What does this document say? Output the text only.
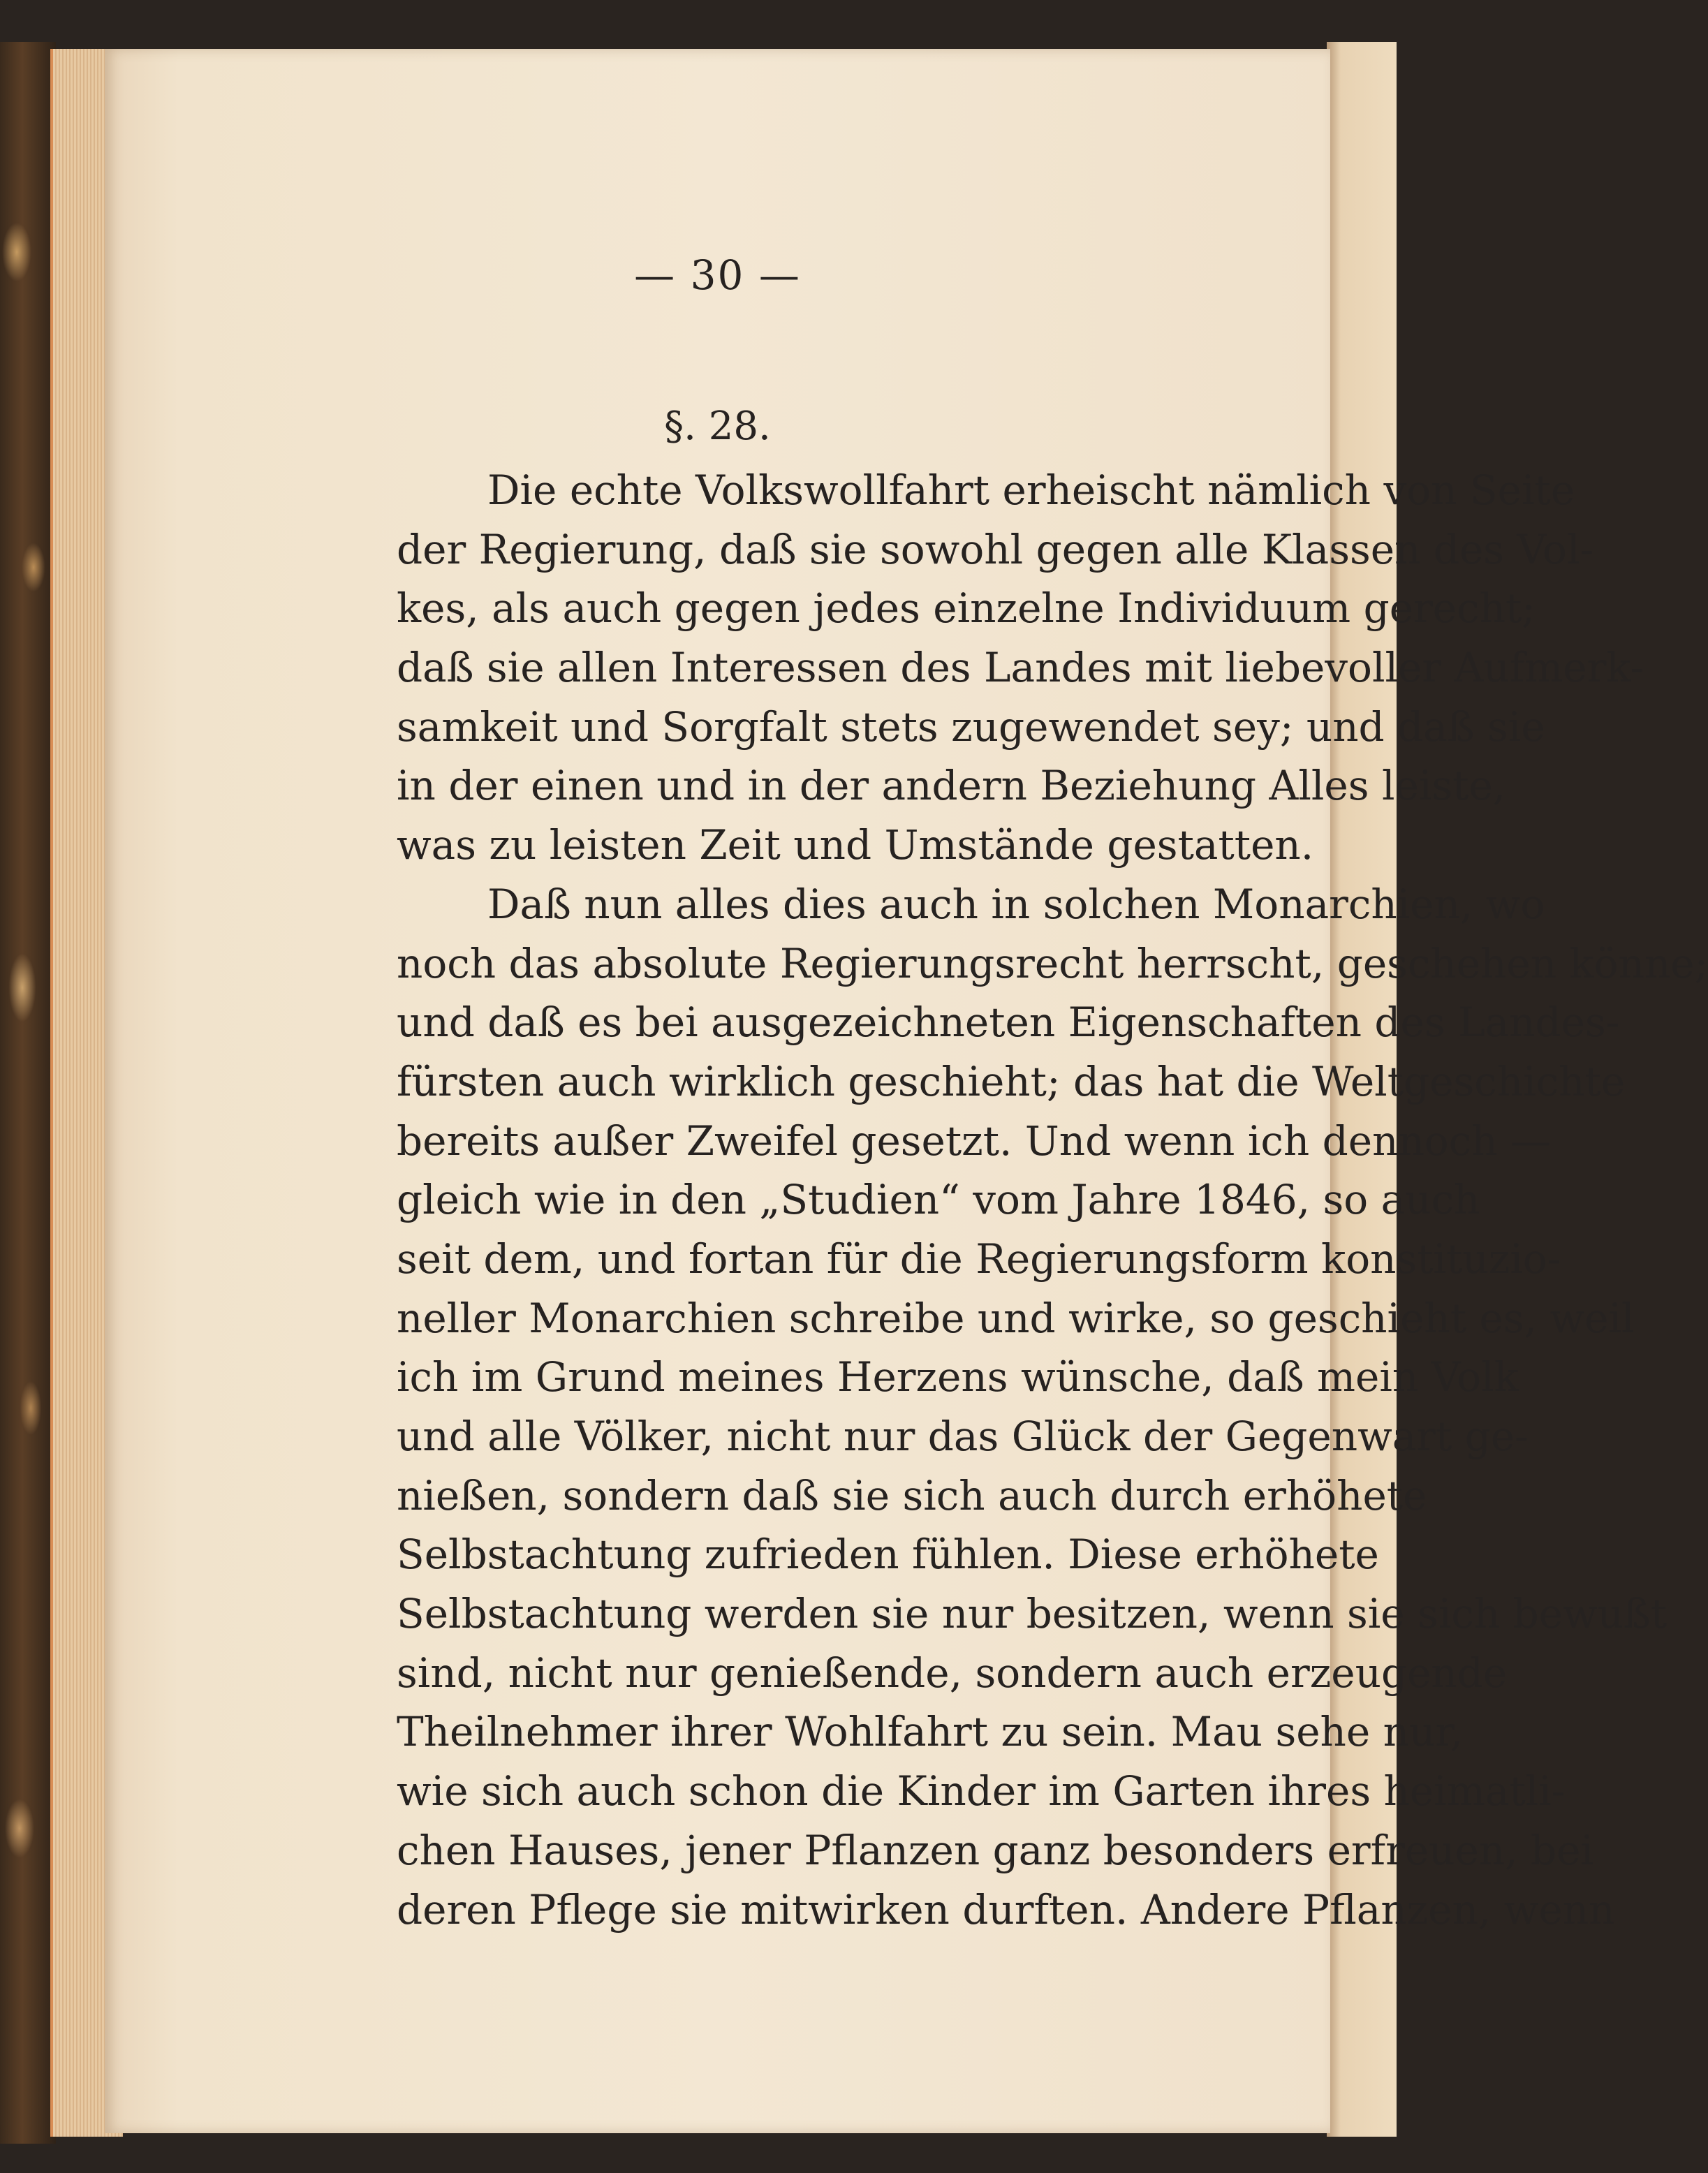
— 30 —
§. 28.
Die echte Volkswollfahrt erheischt nämlich von Seite
der Regierung, daß sie sowohl gegen alle Klassen des Vol-
kes, als auch gegen jedes einzelne Individuum gerecht;
daß sie allen Interessen des Landes mit liebevoller Aufmerk-
samkeit und Sorgfalt stets zugewendet sey; und daß sie
in der einen und in der andern Beziehung Alles leiste,
was zu leisten Zeit und Umstände gestatten.
Daß nun alles dies auch in solchen Monarchien, wo
noch das absolute Regierungsrecht herrscht, geschehen könne;
und daß es bei ausgezeichneten Eigenschaften des Landes-
fürsten auch wirklich geschieht; das hat die Weltgeschichte
bereits außer Zweifel gesetzt. Und wenn ich dennoch —
gleich wie in den „Studien“ vom Jahre 1846, so auch
seit dem, und fortan für die Regierungsform konstituzio-
neller Monarchien schreibe und wirke, so geschieht es, weil
ich im Grund meines Herzens wünsche, daß mein Volk
und alle Völker, nicht nur das Glück der Gegenwart ge-
nießen, sondern daß sie sich auch durch erhöhete
Selbstachtung zufrieden fühlen. Diese erhöhete
Selbstachtung werden sie nur besitzen, wenn sie sich bewußt
sind, nicht nur genießende, sondern auch erzeugende
Theilnehmer ihrer Wohlfahrt zu sein. Mau sehe nur,
wie sich auch schon die Kinder im Garten ihres heimatli-
chen Hauses, jener Pflanzen ganz besonders erfreuen, bei
deren Pflege sie mitwirken durften. Andere Pflanzen, wenn
